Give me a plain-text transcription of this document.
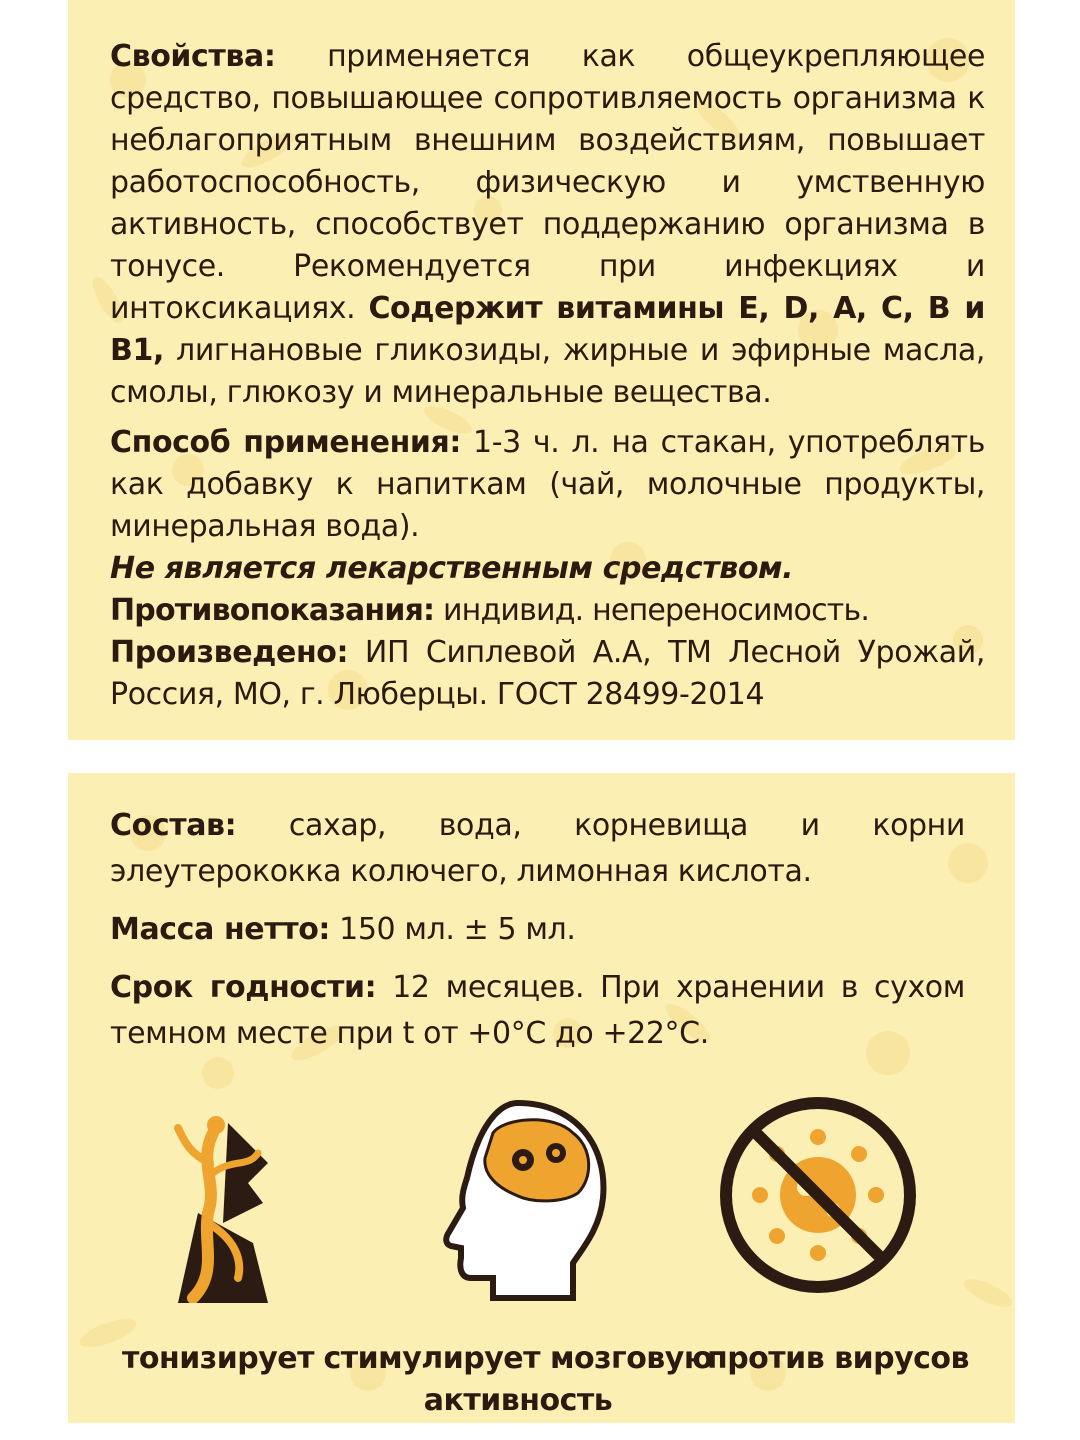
Свойства: применяется как общеукрепляющее средство, повышающее сопротивляемость организма к неблагоприятным внешним воздействиям, повышает работоспособность, физическую и умственную активность, способствует поддержанию организма в тонусе. Рекомендуется при инфекциях и интоксикациях. Содержит витамины Е, D, А, С, В и В1, лигнановые гликозиды, жирные и эфирные масла, смолы, глюкозу и минеральные вещества.

Способ применения: 1-3 ч. л. на стакан, употреблять как добавку к напиткам (чай, молочные продукты, минеральная вода).

Не является лекарственным средством.

Противопоказания: индивид. непереносимость.

Произведено: ИП Сиплевой А.А, ТМ Лесной Урожай, Россия, МО, г. Люберцы. ГОСТ 28499-2014

Состав: сахар, вода, корневища и корни элеутерококка колючего, лимонная кислота.

Масса нетто: 150 мл. ± 5 мл.

Срок годности: 12 месяцев. При хранении в сухом темном месте при t от +0°С до +22°С.

тонизирует стимулирует мозговую активность
против вирусов
